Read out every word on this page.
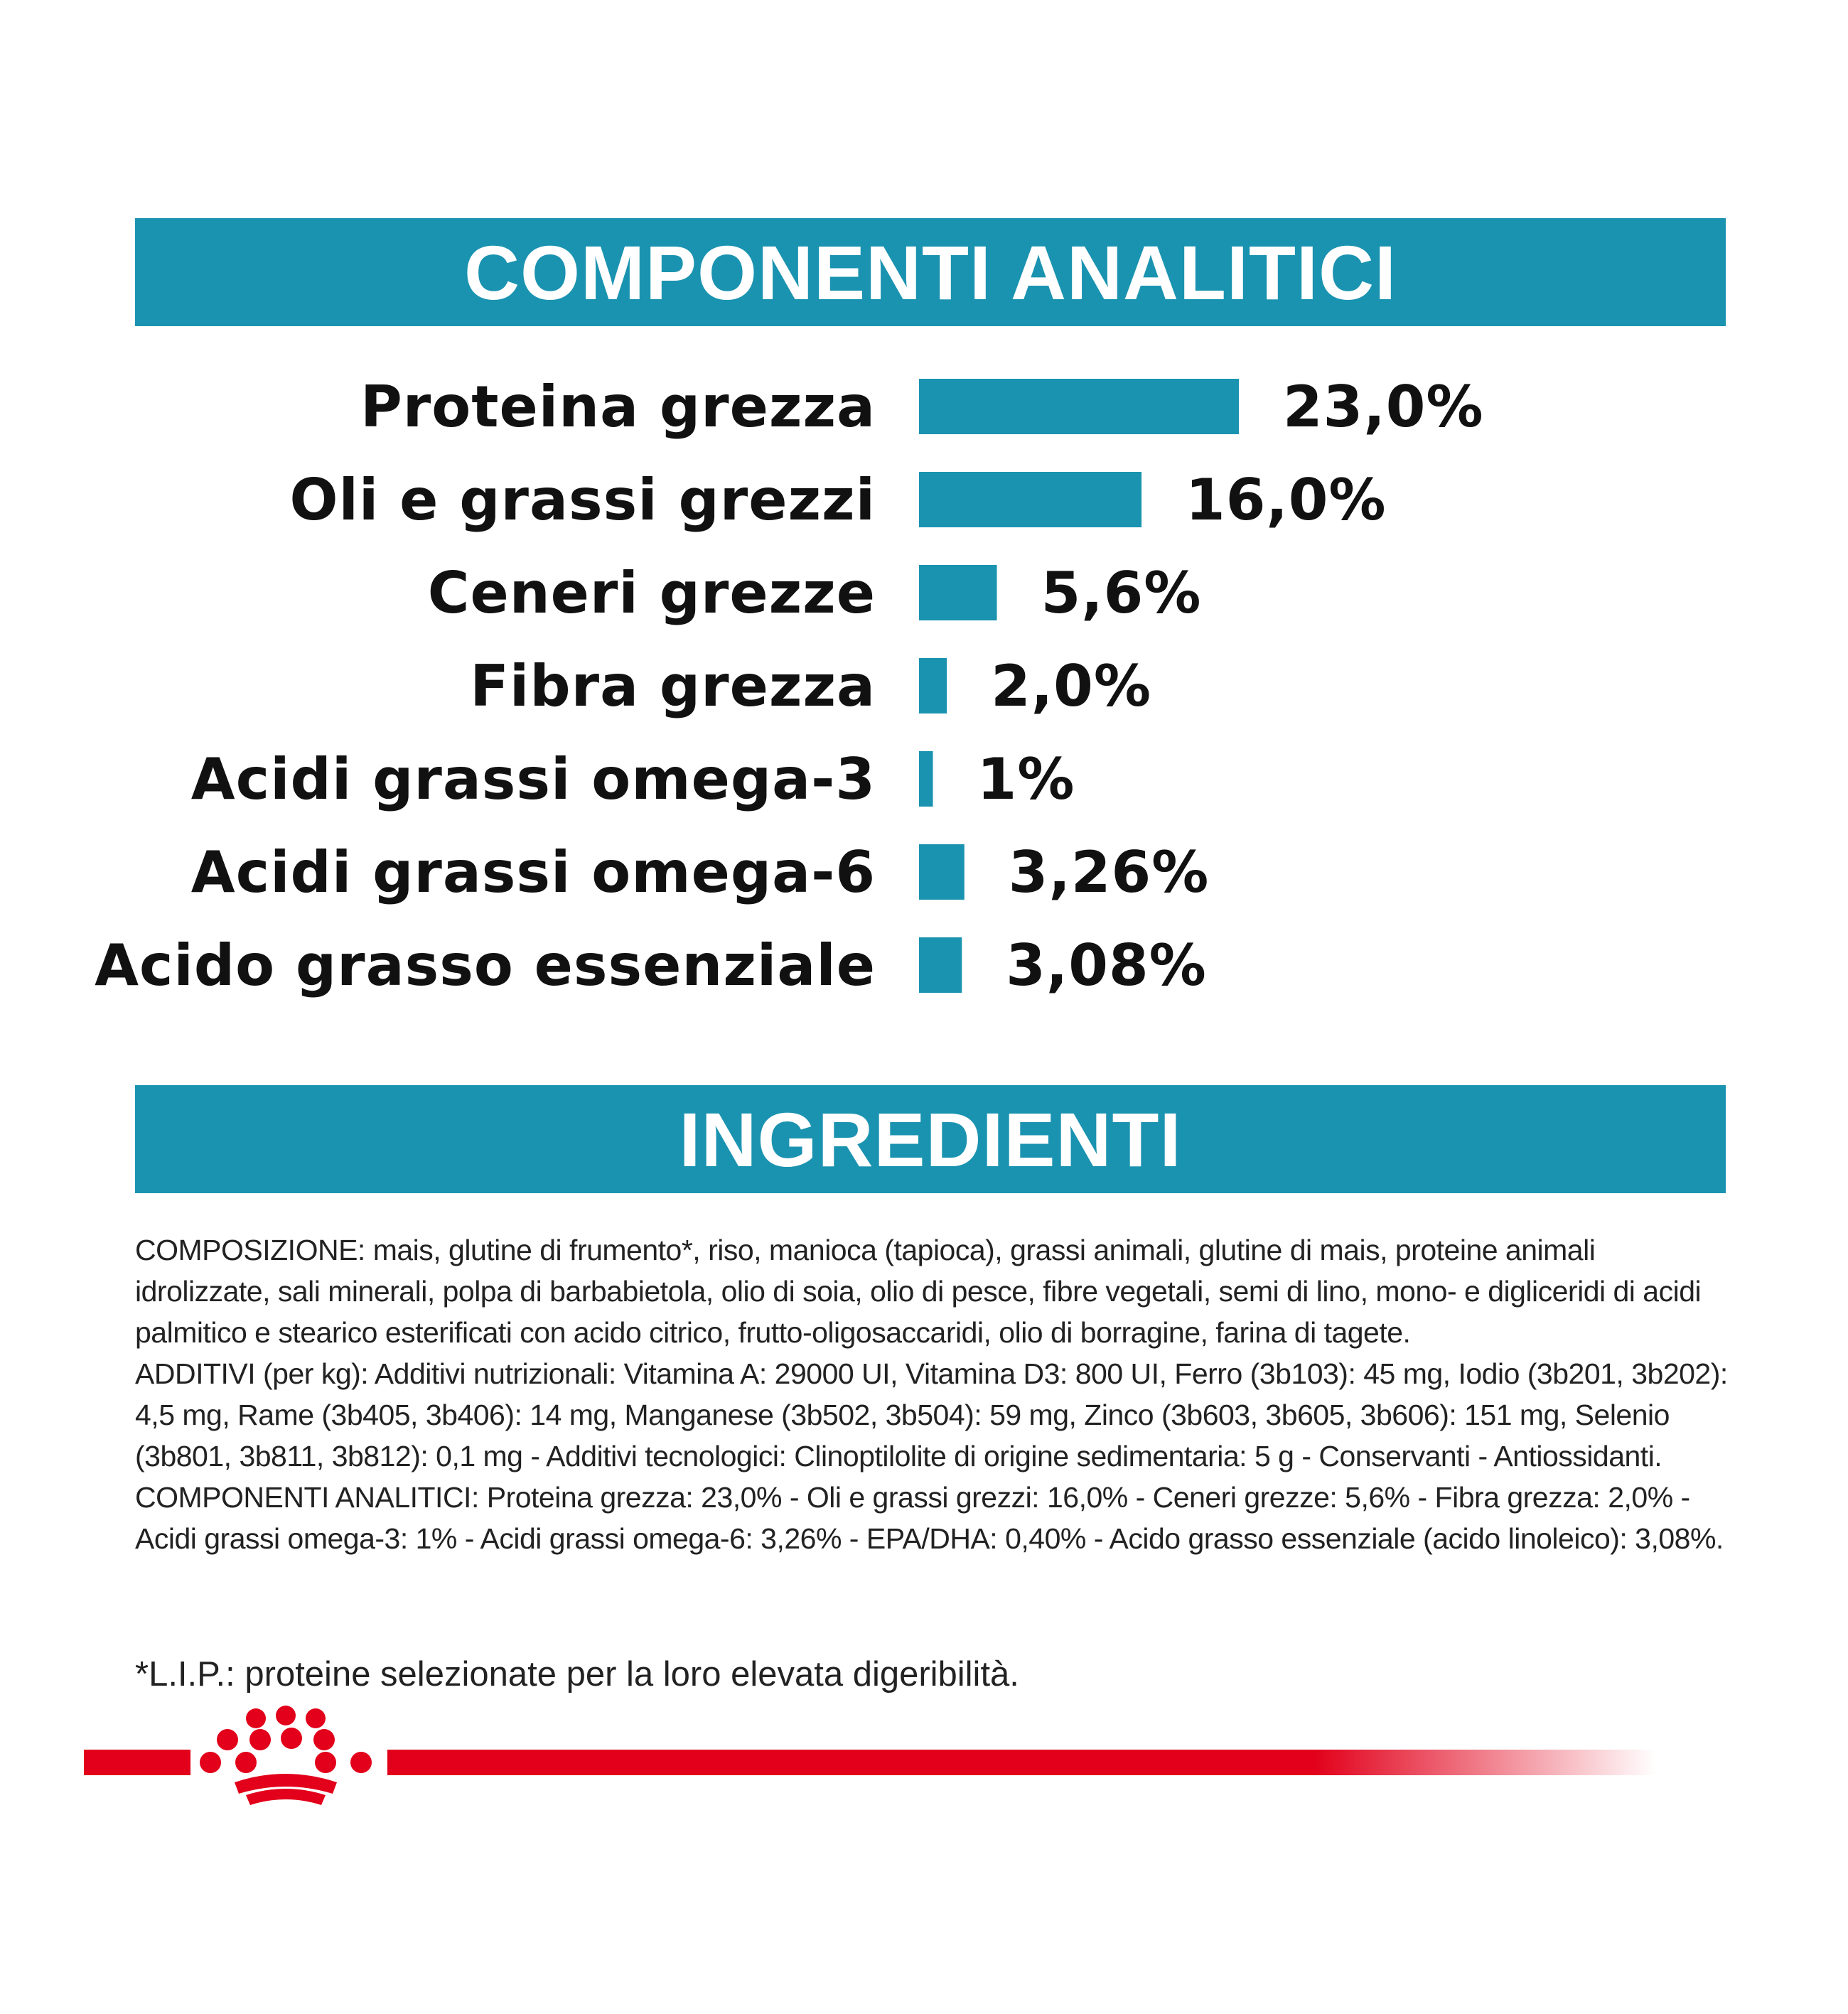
COMPONENTI ANALITICI
Proteina grezza	23,0%
Oli e grassi grezzi	16,0%
Ceneri grezze	5,6%
Fibra grezza 2,0%
Acidi grassi omega-3 1%
Acidi grassi omega-6 3,26%
Acido grasso essenziale 3,08%
INGREDIENTI

COMPOSIZIONE: mais, glutine di frumento*, riso, manioca (tapioca), grassi animali, glutine di mais, proteine animali idrolizzate, sali minerali, polpa di barbabietola, olio di soia, olio di pesce, fibre vegetali, semi di lino, mono- e digliceridi di acidi palmitico e stearico esterificati con acido citrico, frutto-oligosaccaridi, olio di borragine, farina di tagete.

ADDITIVI (per kg): Additivi nutrizionali: Vitamina A: 29000 UI, Vitamina D3: 800 UI, Ferro (3b103): 45 mg, Iodio (3b201, 3b202): 4,5 mg, Rame (3b405, 3b406): 14 mg, Manganese (3b502, 3b504): 59 mg, Zinco (3b603, 3b605, 3b606): 151 mg, Selenio (3b801, 3b811, 3b812): 0,1 mg - Additivi tecnologici: Clinoptilolite di origine sedimentaria: 5 g - Conservanti - Antiossidanti.

COMPONENTI ANALITICI: Proteina grezza: 23,0% - Oli e grassi grezzi: 16,0% - Ceneri grezze: 5,6% - Fibra grezza: 2,0% - Acidi grassi omega-3: 1% - Acidi grassi omega-6: 3,26% - EPA/DHA: 0,40% - Acido grasso essenziale (acido linoleico): 3,08%.

*L.I.P.: proteine selezionate per la loro elevata digeribilità.
